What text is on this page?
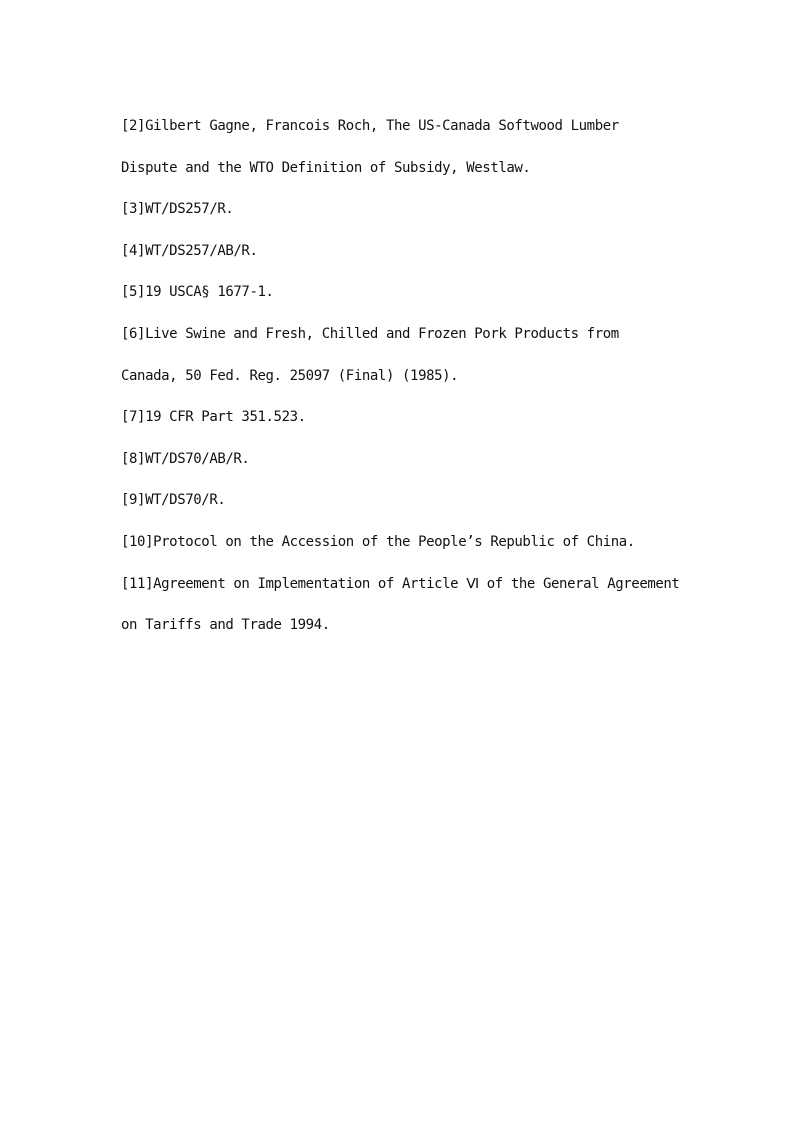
[2]Gilbert Gagne, Francois Roch, The US-Canada Softwood Lumber Dispute and the WTO Definition of Subsidy, Westlaw.

[3]WT/DS257/R.

[4]WT/DS257/AB/R.

[5]19 USCA§ 1677-1.

[6]Live Swine and Fresh, Chilled and Frozen Pork Products from Canada, 50 Fed. Reg. 25097 (Final) (1985).

[7]19 CFR Part 351.523.

[8]WT/DS70/AB/R.

[9]WT/DS70/R.

[10]Protocol on the Accession of the People’s Republic of China.

[11]Agreement on Implementation of Article Ⅵ of the General Agreement on Tariffs and Trade 1994.
